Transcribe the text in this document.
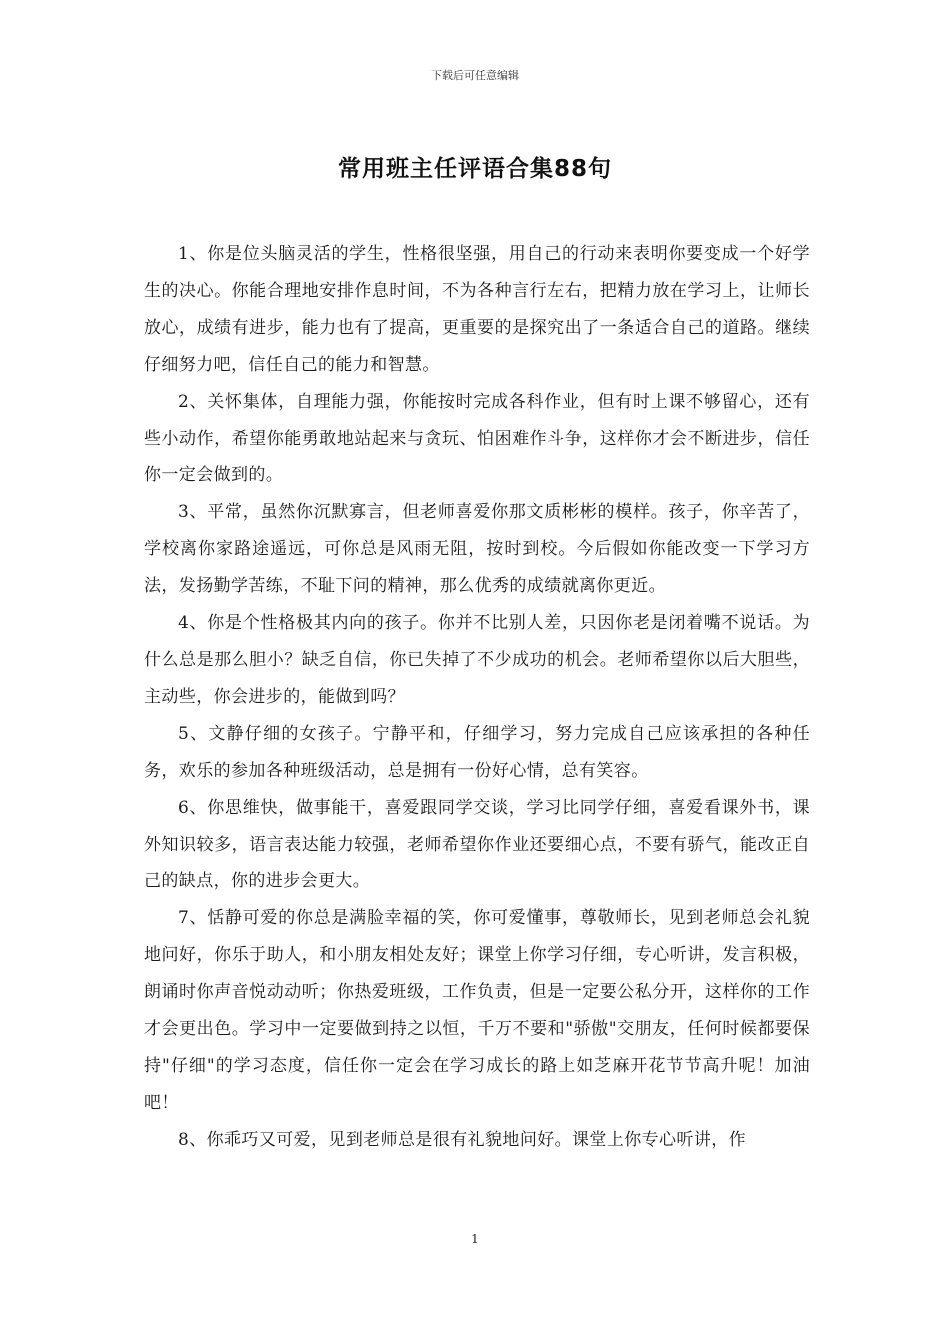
下载后可任意编辑
常用班主任评语合集88句

1、你是位头脑灵活的学生，性格很坚强，用自己的行动来表明你要变成一个好学生的决心。你能合理地安排作息时间，不为各种言行左右，把精力放在学习上，让师长放心，成绩有进步，能力也有了提高，更重要的是探究出了一条适合自己的道路。继续仔细努力吧，信任自己的能力和智慧。

2、关怀集体，自理能力强，你能按时完成各科作业，但有时上课不够留心，还有些小动作，希望你能勇敢地站起来与贪玩、怕困难作斗争，这样你才会不断进步，信任你一定会做到的。

3、平常，虽然你沉默寡言，但老师喜爱你那文质彬彬的模样。孩子，你辛苦了，学校离你家路途遥远，可你总是风雨无阻，按时到校。今后假如你能改变一下学习方法，发扬勤学苦练，不耻下问的精神，那么优秀的成绩就离你更近。

4、你是个性格极其内向的孩子。你并不比别人差，只因你老是闭着嘴不说话。为什么总是那么胆小？缺乏自信，你已失掉了不少成功的机会。老师希望你以后大胆些，主动些，你会进步的，能做到吗？

5、文静仔细的女孩子。宁静平和，仔细学习，努力完成自己应该承担的各种任务，欢乐的参加各种班级活动，总是拥有一份好心情，总有笑容。

6、你思维快，做事能干，喜爱跟同学交谈，学习比同学仔细，喜爱看课外书，课外知识较多，语言表达能力较强，老师希望你作业还要细心点，不要有骄气，能改正自己的缺点，你的进步会更大。

7、恬静可爱的你总是满脸幸福的笑，你可爱懂事，尊敬师长，见到老师总会礼貌地问好，你乐于助人，和小朋友相处友好；课堂上你学习仔细，专心听讲，发言积极，朗诵时你声音悦动动听；你热爱班级，工作负责，但是一定要公私分开，这样你的工作才会更出色。学习中一定要做到持之以恒，千万不要和"骄傲"交朋友，任何时候都要保持"仔细"的学习态度，信任你一定会在学习成长的路上如芝麻开花节节高升呢！加油吧！

8、你乖巧又可爱，见到老师总是很有礼貌地问好。课堂上你专心听讲，作

1
